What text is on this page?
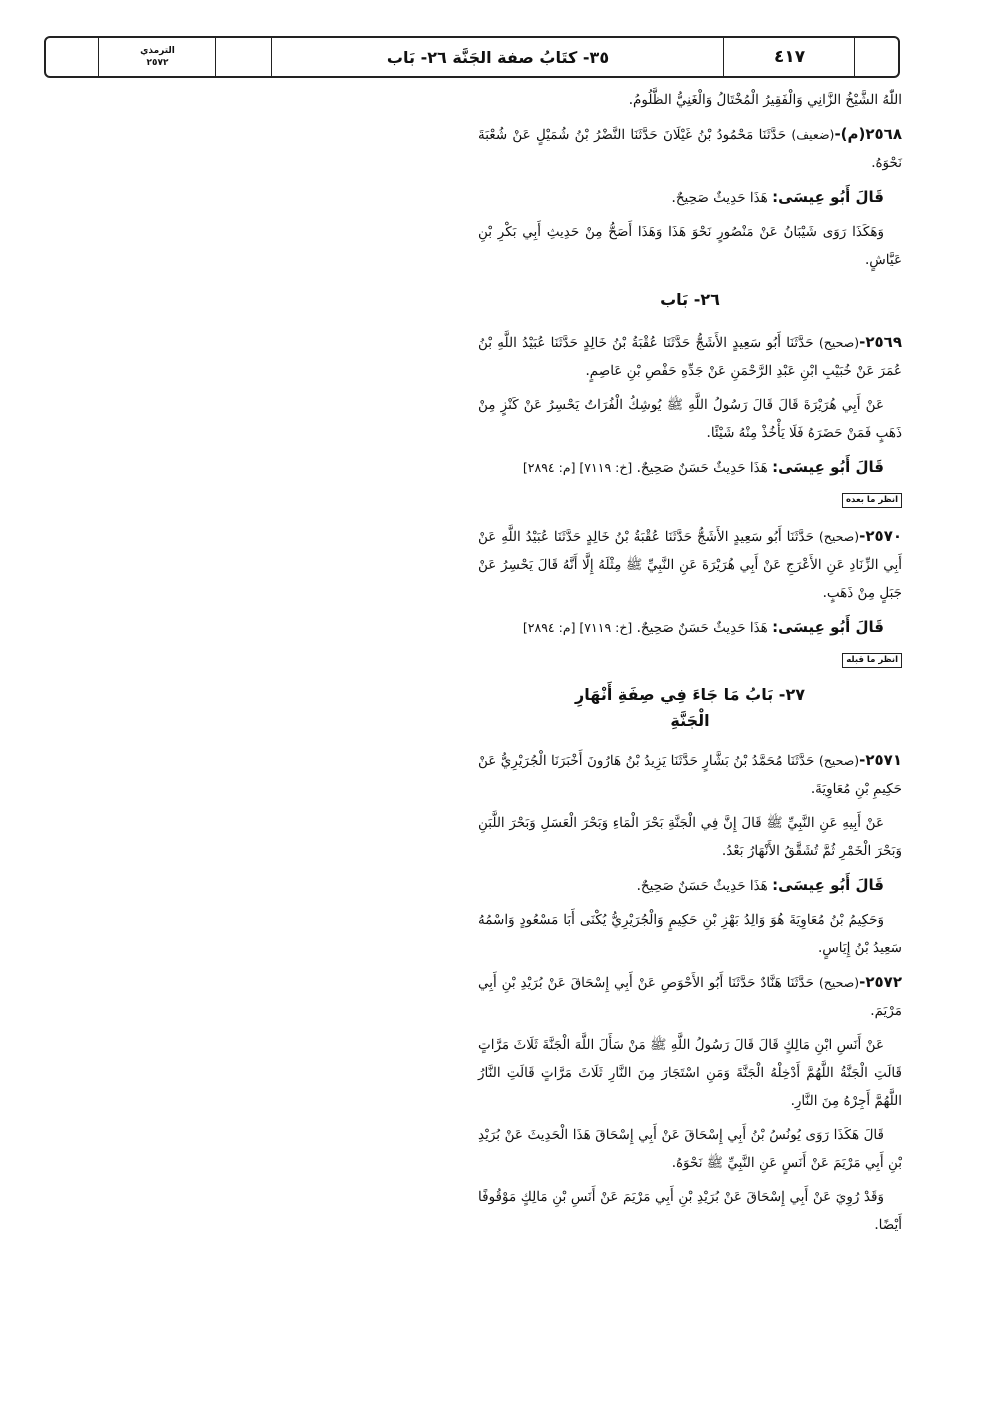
الترمذي
٢٥٧٢	٣٥- كتَابُ صفة الجَنَّة ٢٦- بَاب	٤١٧

اللّٰهُ الشَّيْخُ الزَّانِي وَالْفَقِيرُ الْمُخْتَالُ وَالْغَنِيُّ الظَّلُومُ.

٢٥٦٨(م)-(ضعيف) حَدَّثَنَا مَحْمُودُ بْنُ غَيْلَانَ حَدَّثَنَا النَّضْرُ بْنُ شُمَيْلٍ عَنْ شُعْبَةَ نَحْوَهُ.

قَالَ أَبُو عِيسَى: هَذَا حَدِيثٌ صَحِيحٌ.

وَهَكَذَا رَوَى شَيْبَانُ عَنْ مَنْصُورٍ نَحْوَ هَذَا وَهَذَا أَصَحُّ مِنْ حَدِيثِ أَبِي بَكْرِ بْنِ عَيَّاشٍ.

٢٦- بَاب

٢٥٦٩-(صحيح) حَدَّثَنَا أَبُو سَعِيدٍ الأَشَجُّ حَدَّثَنَا عُقْبَةُ بْنُ خَالِدٍ حَدَّثَنَا عُبَيْدُ اللَّهِ بْنُ عُمَرَ عَنْ خُبَيْبِ ابْنِ عَبْدِ الرَّحْمَنِ عَنْ جَدِّهِ حَفْصِ بْنِ عَاصِمٍ.

عَنْ أَبِي هُرَيْرَةَ قَالَ قَالَ رَسُولُ اللَّهِ ﷺ يُوشِكُ الْفُرَاتُ يَحْسِرُ عَنْ كَنْزٍ مِنْ ذَهَبٍ فَمَنْ حَضَرَهُ فَلَا يَأْخُذْ مِنْهُ شَيْئًا.

قَالَ أَبُو عِيسَى: هَذَا حَدِيثٌ حَسَنٌ صَحِيحٌ. [خ: ٧١١٩] [م: ٢٨٩٤]

انظر ما بعده

٢٥٧٠-(صحيح) حَدَّثَنَا أَبُو سَعِيدٍ الأَشَجُّ حَدَّثَنَا عُقْبَةُ بْنُ خَالِدٍ حَدَّثَنَا عُبَيْدُ اللَّهِ عَنْ أَبِي الزِّنَادِ عَنِ الأَعْرَجِ عَنْ أَبِي هُرَيْرَةَ عَنِ النَّبِيِّ ﷺ مِثْلَهُ إِلَّا أَنَّهُ قَالَ يَحْسِرُ عَنْ جَبَلٍ مِنْ ذَهَبٍ.

قَالَ أَبُو عِيسَى: هَذَا حَدِيثٌ حَسَنٌ صَحِيحٌ. [خ: ٧١١٩] [م: ٢٨٩٤]

انظر ما قبله
٢٧- بَابُ مَا جَاءَ فِي صِفَةِ أَنْهَارِ
الْجَنَّةِ

٢٥٧١-(صحيح) حَدَّثَنَا مُحَمَّدُ بْنُ بَشَّارٍ حَدَّثَنَا يَزِيدُ بْنُ هَارُونَ أَخْبَرَنَا الْجُرَيْرِيُّ عَنْ حَكِيمِ بْنِ مُعَاوِيَةَ.

عَنْ أَبِيهِ عَنِ النَّبِيِّ ﷺ قَالَ إِنَّ فِي الْجَنَّةِ بَحْرَ الْمَاءِ وَبَحْرَ الْعَسَلِ وَبَحْرَ اللَّبَنِ وَبَحْرَ الْخَمْرِ ثُمَّ تُشَقَّقُ الأَنْهَارُ بَعْدُ.

قَالَ أَبُو عِيسَى: هَذَا حَدِيثٌ حَسَنٌ صَحِيحٌ.

وَحَكِيمُ بْنُ مُعَاوِيَةَ هُوَ وَالِدُ بَهْزِ بْنِ حَكِيمٍ وَالْجُرَيْرِيُّ يُكْنَى أَبَا مَسْعُودٍ وَاسْمُهُ سَعِيدُ بْنُ إِيَاسٍ.

٢٥٧٢-(صحيح) حَدَّثَنَا هَنَّادٌ حَدَّثَنَا أَبُو الأَحْوَصِ عَنْ أَبِي إِسْحَاقَ عَنْ بُرَيْدِ بْنِ أَبِي مَرْيَمَ.

عَنْ أَنَسِ ابْنِ مَالِكٍ قَالَ قَالَ رَسُولُ اللَّهِ ﷺ مَنْ سَأَلَ اللَّهَ الْجَنَّةَ ثَلَاثَ مَرَّاتٍ قَالَتِ الْجَنَّةُ اللَّهُمَّ أَدْخِلْهُ الْجَنَّةَ وَمَنِ اسْتَجَارَ مِنَ النَّارِ ثَلَاثَ مَرَّاتٍ قَالَتِ النَّارُ اللَّهُمَّ أَجِرْهُ مِنَ النَّارِ.

قَالَ هَكَذَا رَوَى يُونُسُ بْنُ أَبِي إِسْحَاقَ عَنْ أَبِي إِسْحَاقَ هَذَا الْحَدِيثَ عَنْ بُرَيْدِ بْنِ أَبِي مَرْيَمَ عَنْ أَنَسٍ عَنِ النَّبِيِّ ﷺ نَحْوَهُ.

وَقَدْ رُوِيَ عَنْ أَبِي إِسْحَاقَ عَنْ بُرَيْدِ بْنِ أَبِي مَرْيَمَ عَنْ أَنَسِ بْنِ مَالِكٍ مَوْقُوفًا أَيْضًا.
